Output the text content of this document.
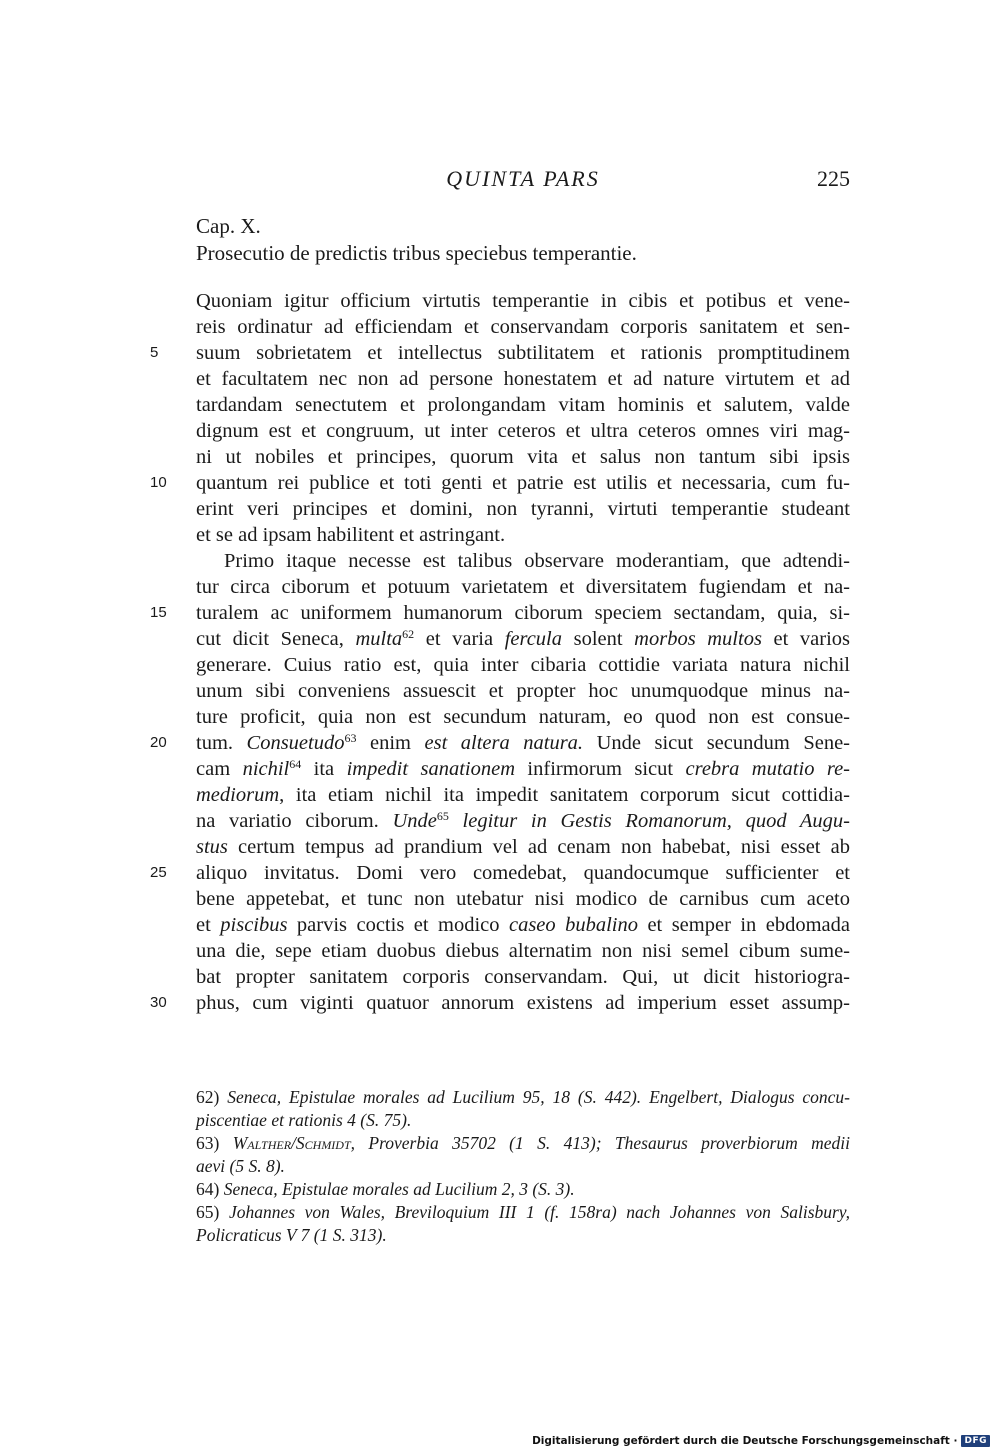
QUINTA PARS	225
Cap. X.
Prosecutio de predictis tribus speciebus temperantie.
Quoniam igitur officium virtutis temperantie in cibis et potibus et vene-
reis ordinatur ad efficiendam et conservandam corporis sanitatem et sen-
5	suum sobrietatem et intellectus subtilitatem et rationis promptitudinem
et facultatem nec non ad persone honestatem et ad nature virtutem et ad
tardandam senectutem et prolongandam vitam hominis et salutem, valde
dignum est et congruum, ut inter ceteros et ultra ceteros omnes viri mag-
ni ut nobiles et principes, quorum vita et salus non tantum sibi ipsis
10	quantum rei publice et toti genti et patrie est utilis et necessaria, cum fu-
erint veri principes et domini, non tyranni, virtuti temperantie studeant
et se ad ipsam habilitent et astringant.
Primo itaque necesse est talibus observare moderantiam, que adtendi-
tur circa ciborum et potuum varietatem et diversitatem fugiendam et na-
15	turalem ac uniformem humanorum ciborum speciem sectandam, quia, si-
cut dicit Seneca, multa$^{62}$ et varia fercula solent morbos multos et varios
generare. Cuius ratio est, quia inter cibaria cottidie variata natura nichil
unum sibi conveniens assuescit et propter hoc unumquodque minus na-
ture proficit, quia non est secundum naturam, eo quod non est consue-
20	tum. Consuetudo$^{63}$ enim est altera natura. Unde sicut secundum Sene-
cam nichil$^{64}$ ita impedit sanationem infirmorum sicut crebra mutatio re-
mediorum, ita etiam nichil ita impedit sanitatem corporum sicut cottidia-
na variatio ciborum. Unde$^{65}$ legitur in Gestis Romanorum, quod Augu-
stus certum tempus ad prandium vel ad cenam non habebat, nisi esset ab
25	aliquo invitatus. Domi vero comedebat, quandocumque sufficienter et
bene appetebat, et tunc non utebatur nisi modico de carnibus cum aceto
et piscibus parvis coctis et modico caseo bubalino et semper in ebdomada
una die, sepe etiam duobus diebus alternatim non nisi semel cibum sume-
bat propter sanitatem corporis conservandam. Qui, ut dicit historiogra-
30	phus, cum viginti quatuor annorum existens ad imperium esset assump-
62) Seneca, Epistulae morales ad Lucilium 95, 18 (S. 442). Engelbert, Dialogus concu-
piscentiae et rationis 4 (S. 75).
63) Walther/Schmidt, Proverbia 35702 (1 S. 413); Thesaurus proverbiorum medii
aevi (5 S. 8).
64) Seneca, Epistulae morales ad Lucilium 2, 3 (S. 3).
65) Johannes von Wales, Breviloquium III 1 (f. 158ra) nach Johannes von Salisbury,
Policraticus V 7 (1 S. 313).
Digitalisierung gefördert durch die Deutsche Forschungsgemeinschaft · DFG
